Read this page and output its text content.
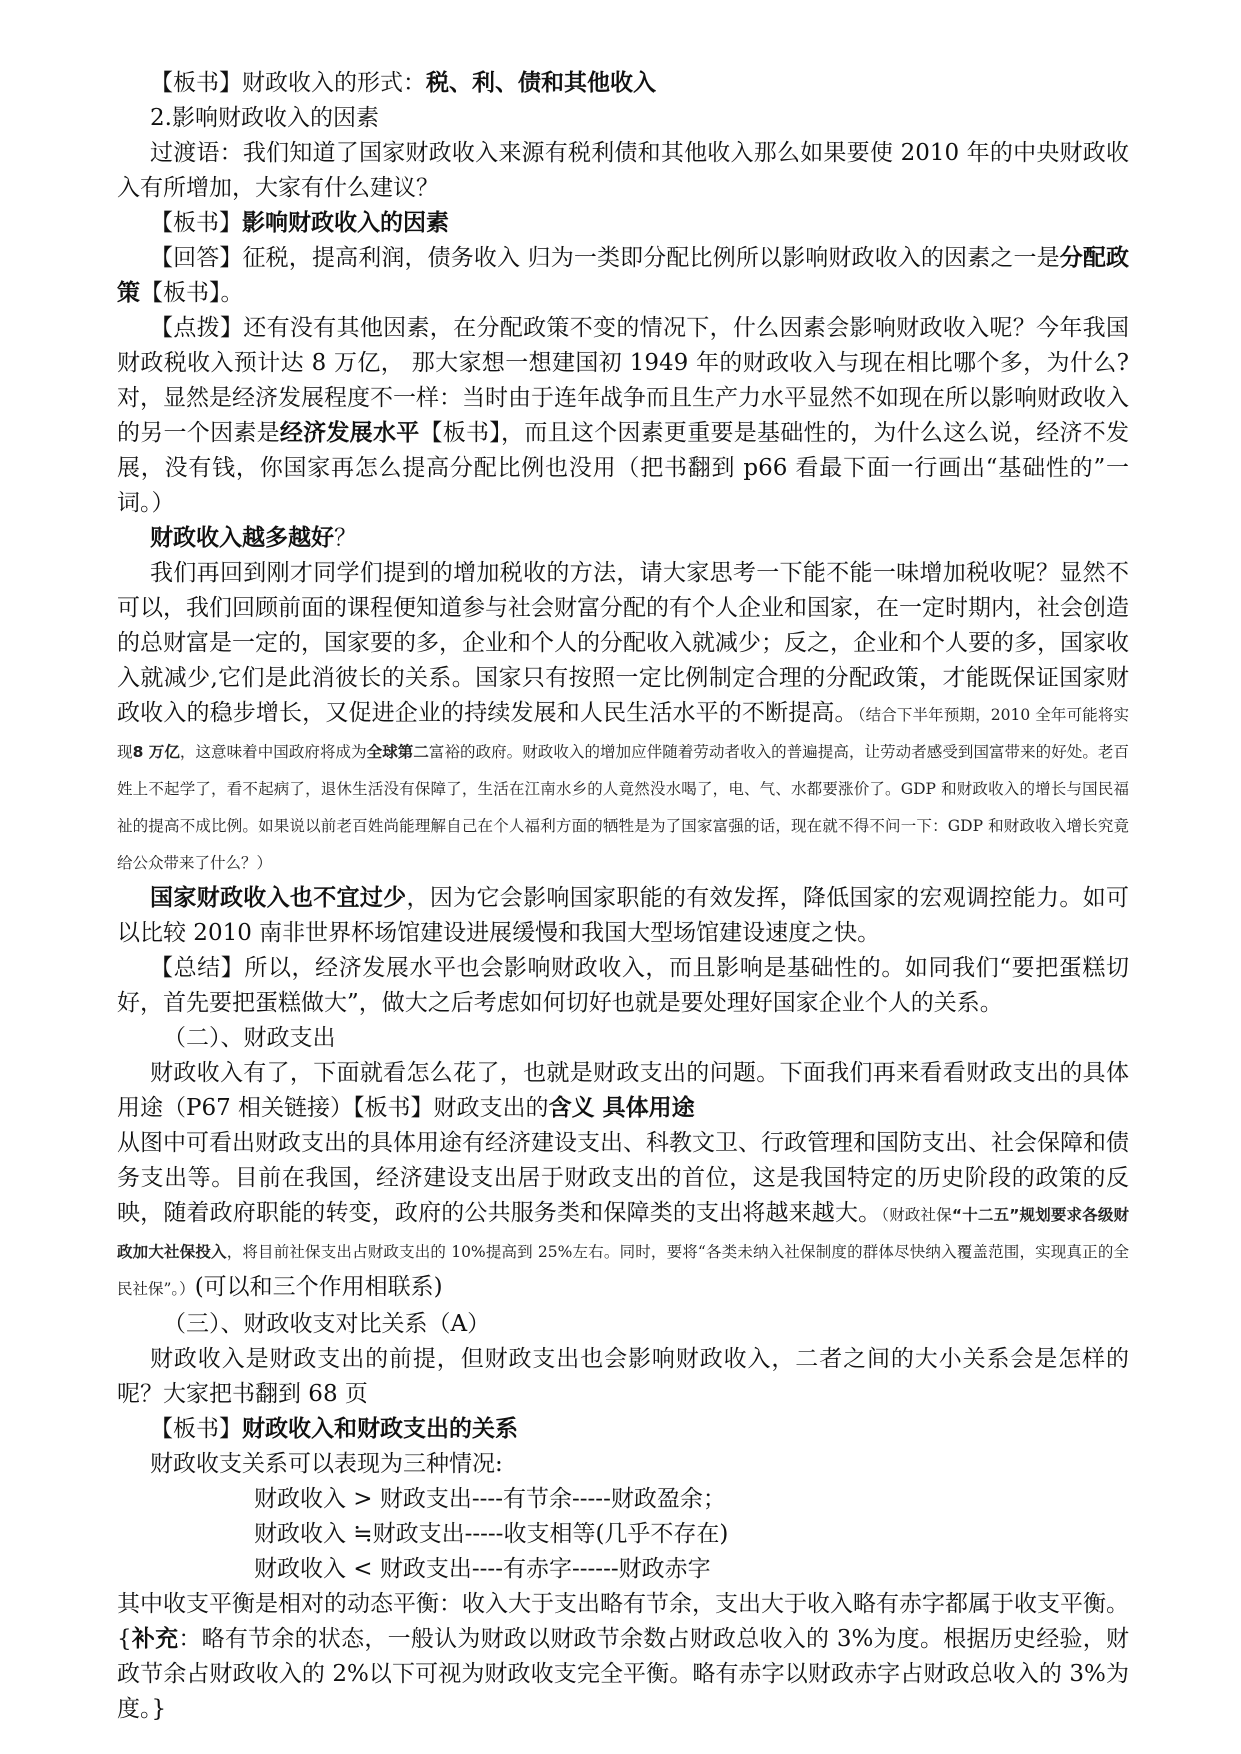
【板书】财政收入的形式：税、利、债和其他收入

2.影响财政收入的因素

过渡语：我们知道了国家财政收入来源有税利债和其他收入那么如果要使 2010 年的中央财政收入有所增加，大家有什么建议？

【板书】影响财政收入的因素

【回答】征税，提高利润，债务收入 归为一类即分配比例所以影响财政收入的因素之一是分配政策【板书】。

【点拨】还有没有其他因素，在分配政策不变的情况下，什么因素会影响财政收入呢？今年我国财政税收入预计达 8 万亿， 那大家想一想建国初 1949 年的财政收入与现在相比哪个多，为什么?对，显然是经济发展程度不一样：当时由于连年战争而且生产力水平显然不如现在所以影响财政收入的另一个因素是经济发展水平【板书】，而且这个因素更重要是基础性的，为什么这么说，经济不发展，没有钱，你国家再怎么提高分配比例也没用（把书翻到 p66 看最下面一行画出“基础性的”一词。）

财政收入越多越好？

我们再回到刚才同学们提到的增加税收的方法，请大家思考一下能不能一味增加税收呢？显然不可以，我们回顾前面的课程便知道参与社会财富分配的有个人企业和国家，在一定时期内，社会创造的总财富是一定的，国家要的多，企业和个人的分配收入就减少；反之，企业和个人要的多，国家收入就减少,它们是此消彼长的关系。国家只有按照一定比例制定合理的分配政策，才能既保证国家财政收入的稳步增长，又促进企业的持续发展和人民生活水平的不断提高。（结合下半年预期，2010 全年可能将实现8 万亿，这意味着中国政府将成为全球第二富裕的政府。财政收入的增加应伴随着劳动者收入的普遍提高，让劳动者感受到国富带来的好处。老百姓上不起学了，看不起病了，退休生活没有保障了，生活在江南水乡的人竟然没水喝了，电、气、水都要涨价了。GDP 和财政收入的增长与国民福祉的提高不成比例。如果说以前老百姓尚能理解自己在个人福利方面的牺牲是为了国家富强的话，现在就不得不问一下：GDP 和财政收入增长究竟给公众带来了什么？）

国家财政收入也不宜过少，因为它会影响国家职能的有效发挥，降低国家的宏观调控能力。如可以比较 2010 南非世界杯场馆建设进展缓慢和我国大型场馆建设速度之快。

【总结】所以，经济发展水平也会影响财政收入，而且影响是基础性的。如同我们“要把蛋糕切好，首先要把蛋糕做大”，做大之后考虑如何切好也就是要处理好国家企业个人的关系。

（二）、财政支出

财政收入有了，下面就看怎么花了，也就是财政支出的问题。下面我们再来看看财政支出的具体用途（P67 相关链接）【板书】财政支出的含义 具体用途

从图中可看出财政支出的具体用途有经济建设支出、科教文卫、行政管理和国防支出、社会保障和债务支出等。目前在我国，经济建设支出居于财政支出的首位，这是我国特定的历史阶段的政策的反映，随着政府职能的转变，政府的公共服务类和保障类的支出将越来越大。（财政社保“十二五”规划要求各级财政加大社保投入，将目前社保支出占财政支出的 10%提高到 25%左右。同时，要将“各类未纳入社保制度的群体尽快纳入覆盖范围，实现真正的全民社保”。）(可以和三个作用相联系)

（三）、财政收支对比关系（A）

财政收入是财政支出的前提，但财政支出也会影响财政收入，二者之间的大小关系会是怎样的呢？大家把书翻到 68 页

【板书】财政收入和财政支出的关系

财政收支关系可以表现为三种情况:

财政收入 > 财政支出----有节余-----财政盈余；

财政收入 ≒财政支出-----收支相等(几乎不存在)

财政收入 < 财政支出----有赤字------财政赤字

其中收支平衡是相对的动态平衡：收入大于支出略有节余，支出大于收入略有赤字都属于收支平衡。{补充：略有节余的状态，一般认为财政以财政节余数占财政总收入的 3%为度。根据历史经验，财政节余占财政收入的 2%以下可视为财政收支完全平衡。略有赤字以财政赤字占财政总收入的 3%为度。}
